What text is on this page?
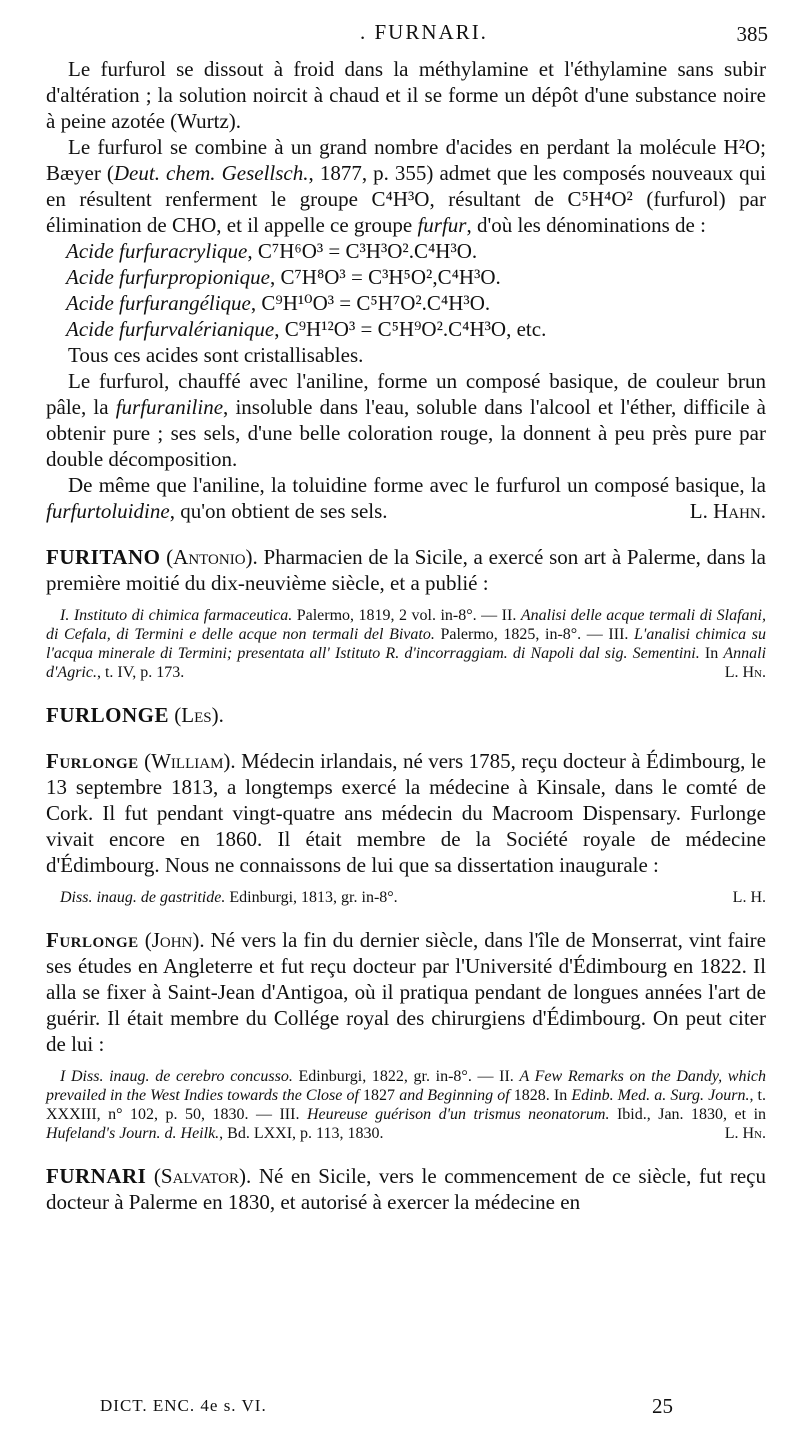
. FURNARI.	385

Le furfurol se dissout à froid dans la méthylamine et l'éthylamine sans subir d'altération ; la solution noircit à chaud et il se forme un dépôt d'une substance noire à peine azotée (Wurtz).

Le furfurol se combine à un grand nombre d'acides en perdant la molécule H²O; Bæyer (Deut. chem. Gesellsch., 1877, p. 355) admet que les composés nouveaux qui en résultent renferment le groupe C⁴H³O, résultant de C⁵H⁴O² (furfurol) par élimination de CHO, et il appelle ce groupe furfur, d'où les dénominations de :

Acide furfuracrylique, C⁷H⁶O³ = C³H³O².C⁴H³O.

Acide furfurpropionique, C⁷H⁸O³ = C³H⁵O²,C⁴H³O.

Acide furfurangélique, C⁹H¹⁰O³ = C⁵H⁷O².C⁴H³O.

Acide furfurvalérianique, C⁹H¹²O³ = C⁵H⁹O².C⁴H³O, etc.

Tous ces acides sont cristallisables.

Le furfurol, chauffé avec l'aniline, forme un composé basique, de couleur brun pâle, la furfuraniline, insoluble dans l'eau, soluble dans l'alcool et l'éther, difficile à obtenir pure ; ses sels, d'une belle coloration rouge, la donnent à peu près pure par double décomposition.

De même que l'aniline, la toluidine forme avec le furfurol un composé basique, la furfurtoluidine, qu'on obtient de ses sels.	L. Hahn.

FURITANO (Antonio). Pharmacien de la Sicile, a exercé son art à Palerme, dans la première moitié du dix-neuvième siècle, et a publié :

I. Instituto di chimica farmaceutica. Palermo, 1819, 2 vol. in-8°. — II. Analisi delle acque termali di Slafani, di Cefala, di Termini e delle acque non termali del Bivato. Palermo, 1825, in-8°. — III. L'analisi chimica su l'acqua minerale di Termini; presentata all' Istituto R. d'incorraggiam. di Napoli dal sig. Sementini. In Annali d'Agric., t. IV, p. 173.	L. Hn.

FURLONGE (Les).

Furlonge (William). Médecin irlandais, né vers 1785, reçu docteur à Édimbourg, le 13 septembre 1813, a longtemps exercé la médecine à Kinsale, dans le comté de Cork. Il fut pendant vingt-quatre ans médecin du Macroom Dispensary. Furlonge vivait encore en 1860. Il était membre de la Société royale de médecine d'Édimbourg. Nous ne connaissons de lui que sa dissertation inaugurale :

Diss. inaug. de gastritide. Edinburgi, 1813, gr. in-8°.	L. H.

Furlonge (John). Né vers la fin du dernier siècle, dans l'île de Monserrat, vint faire ses études en Angleterre et fut reçu docteur par l'Université d'Édimbourg en 1822. Il alla se fixer à Saint-Jean d'Antigoa, où il pratiqua pendant de longues années l'art de guérir. Il était membre du Collége royal des chirurgiens d'Édimbourg. On peut citer de lui :

I Diss. inaug. de cerebro concusso. Edinburgi, 1822, gr. in-8°. — II. A Few Remarks on the Dandy, which prevailed in the West Indies towards the Close of 1827 and Beginning of 1828. In Edinb. Med. a. Surg. Journ., t. XXXIII, n° 102, p. 50, 1830. — III. Heureuse guérison d'un trismus neonatorum. Ibid., Jan. 1830, et in Hufeland's Journ. d. Heilk., Bd. LXXI, p. 113, 1830.	L. Hn.

FURNARI (Salvator). Né en Sicile, vers le commencement de ce siècle, fut reçu docteur à Palerme en 1830, et autorisé à exercer la médecine en

DICT. ENC. 4e s. VI.	25
